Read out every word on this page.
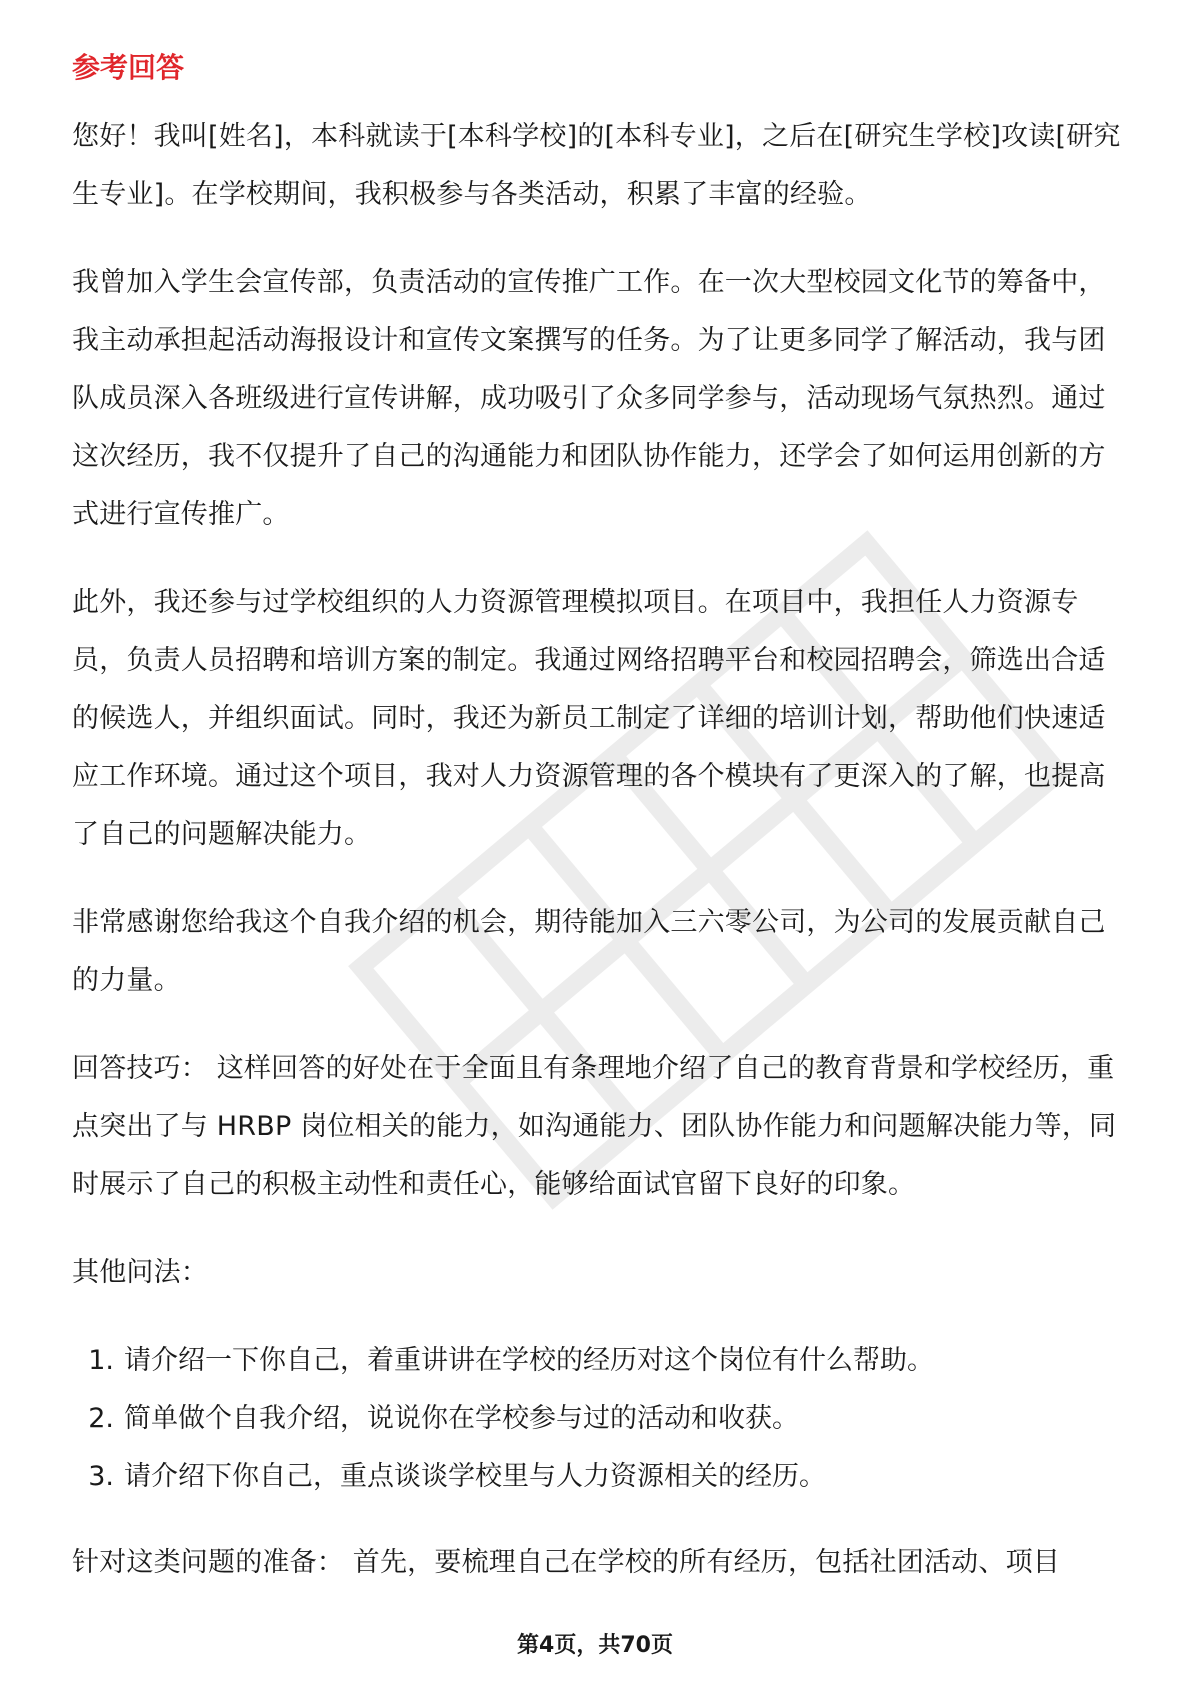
参考回答

您好！我叫[姓名]，本科就读于[本科学校]的[本科专业]，之后在[研究生学校]攻读[研究生专业]。在学校期间，我积极参与各类活动，积累了丰富的经验。

我曾加入学生会宣传部，负责活动的宣传推广工作。在一次大型校园文化节的筹备中，我主动承担起活动海报设计和宣传文案撰写的任务。为了让更多同学了解活动，我与团队成员深入各班级进行宣传讲解，成功吸引了众多同学参与，活动现场气氛热烈。通过这次经历，我不仅提升了自己的沟通能力和团队协作能力，还学会了如何运用创新的方式进行宣传推广。

此外，我还参与过学校组织的人力资源管理模拟项目。在项目中，我担任人力资源专员，负责人员招聘和培训方案的制定。我通过网络招聘平台和校园招聘会，筛选出合适的候选人，并组织面试。同时，我还为新员工制定了详细的培训计划，帮助他们快速适应工作环境。通过这个项目，我对人力资源管理的各个模块有了更深入的了解，也提高了自己的问题解决能力。

非常感谢您给我这个自我介绍的机会，期待能加入三六零公司，为公司的发展贡献自己的力量。

回答技巧： 这样回答的好处在于全面且有条理地介绍了自己的教育背景和学校经历，重点突出了与 HRBP 岗位相关的能力，如沟通能力、团队协作能力和问题解决能力等，同时展示了自己的积极主动性和责任心，能够给面试官留下良好的印象。

其他问法：

1. 请介绍一下你自己，着重讲讲在学校的经历对这个岗位有什么帮助。
2. 简单做个自我介绍，说说你在学校参与过的活动和收获。
3. 请介绍下你自己，重点谈谈学校里与人力资源相关的经历。

针对这类问题的准备： 首先，要梳理自己在学校的所有经历，包括社团活动、项目

第4页，共70页
